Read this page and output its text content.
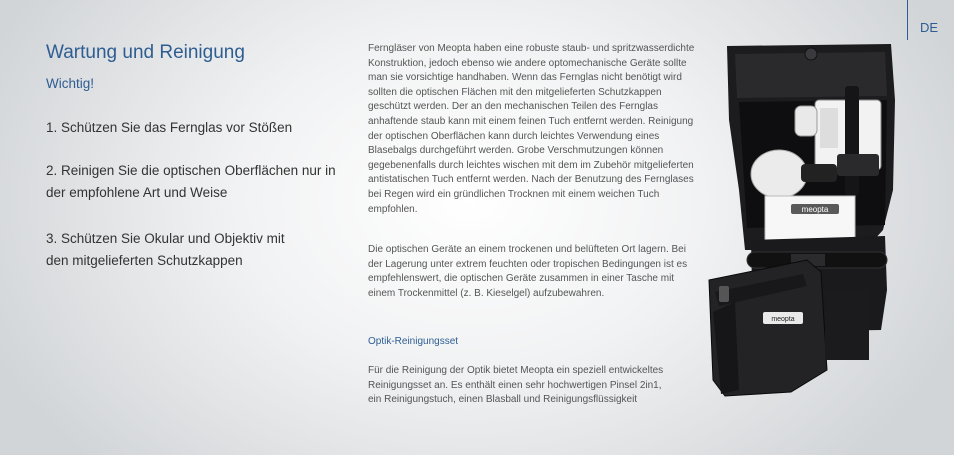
DE
Wartung und Reinigung
Wichtig!
1. Schützen Sie das Fernglas vor Stößen
2. Reinigen Sie die optischen Oberflächen nur in der empfohlene Art und Weise
3. Schützen Sie Okular und Objektiv mit den mitgelieferten Schutzkappen
Ferngläser von Meopta haben eine robuste staub- und spritzwasserdichte Konstruktion, jedoch ebenso wie andere optomechanische Geräte sollte man sie vorsichtige handhaben. Wenn das Fernglas nicht benötigt wird sollten die optischen Flächen mit den mitgelieferten Schutzkappen geschützt werden. Der an den mechanischen Teilen des Fernglas anhaftende staub kann mit einem feinen Tuch entfernt werden. Reinigung der optischen Oberflächen kann durch leichtes Verwendung eines Blasebalgs durchgeführt werden. Grobe Verschmutzungen können gegebenenfalls durch leichtes wischen mit dem im Zubehör mitgelieferten antistatischen Tuch entfernt werden. Nach der Benutzung des Fernglases bei Regen wird ein gründlichen Trocknen mit einem weichen Tuch empfohlen.
Die optischen Geräte an einem trockenen und belüfteten Ort lagern. Bei der Lagerung unter extrem feuchten oder tropischen Bedingungen ist es empfehlenswert, die optischen Geräte zusammen in einer Tasche mit einem Trockenmittel (z. B. Kieselgel) aufzubewahren.
Optik-Reinigungsset
Für die Reinigung der Optik bietet Meopta ein speziell entwickeltes Reinigungsset an. Es enthält einen sehr hochwertigen Pinsel 2in1, ein Reinigungstuch, einen Blasball und Reinigungsflüssigkeit
meopta
meopta
